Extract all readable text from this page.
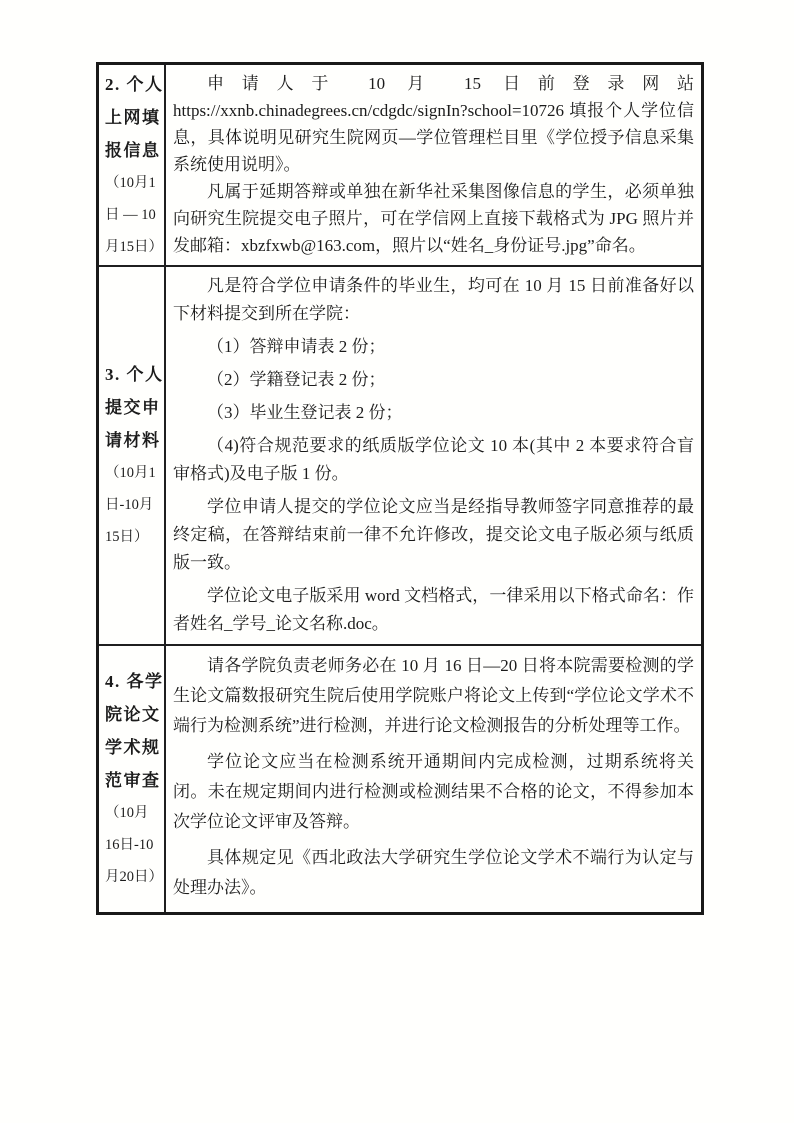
2. 个人
上网填
报信息
（10月1
日 — 10
月15日）

申请人于 10 月 15 日前登录网站

https://xxnb.chinadegrees.cn/cdgdc/signIn?school=10726 填报个人学位信息，具体说明见研究生院网页—学位管理栏目里《学位授予信息采集系统使用说明》。

凡属于延期答辩或单独在新华社采集图像信息的学生，必须单独向研究生院提交电子照片，可在学信网上直接下载格式为 JPG 照片并发邮箱：xbzfxwb@163.com，照片以“姓名_身份证号.jpg”命名。

3. 个人
提交申
请材料
（10月1
日-10月
15日）

凡是符合学位申请条件的毕业生，均可在 10 月 15 日前准备好以下材料提交到所在学院：

（1）答辩申请表 2 份；

（2）学籍登记表 2 份；

（3）毕业生登记表 2 份；

（4)符合规范要求的纸质版学位论文 10 本(其中 2 本要求符合盲审格式)及电子版 1 份。

学位申请人提交的学位论文应当是经指导教师签字同意推荐的最终定稿，在答辩结束前一律不允许修改，提交论文电子版必须与纸质版一致。

学位论文电子版采用 word 文档格式，一律采用以下格式命名：作者姓名_学号_论文名称.doc。

4. 各学
院论文
学术规
范审查
（10月
16日-10
月20日）

请各学院负责老师务必在 10 月 16 日—20 日将本院需要检测的学生论文篇数报研究生院后使用学院账户将论文上传到“学位论文学术不端行为检测系统”进行检测，并进行论文检测报告的分析处理等工作。

学位论文应当在检测系统开通期间内完成检测，过期系统将关闭。未在规定期间内进行检测或检测结果不合格的论文，不得参加本次学位论文评审及答辩。

具体规定见《西北政法大学研究生学位论文学术不端行为认定与处理办法》。
